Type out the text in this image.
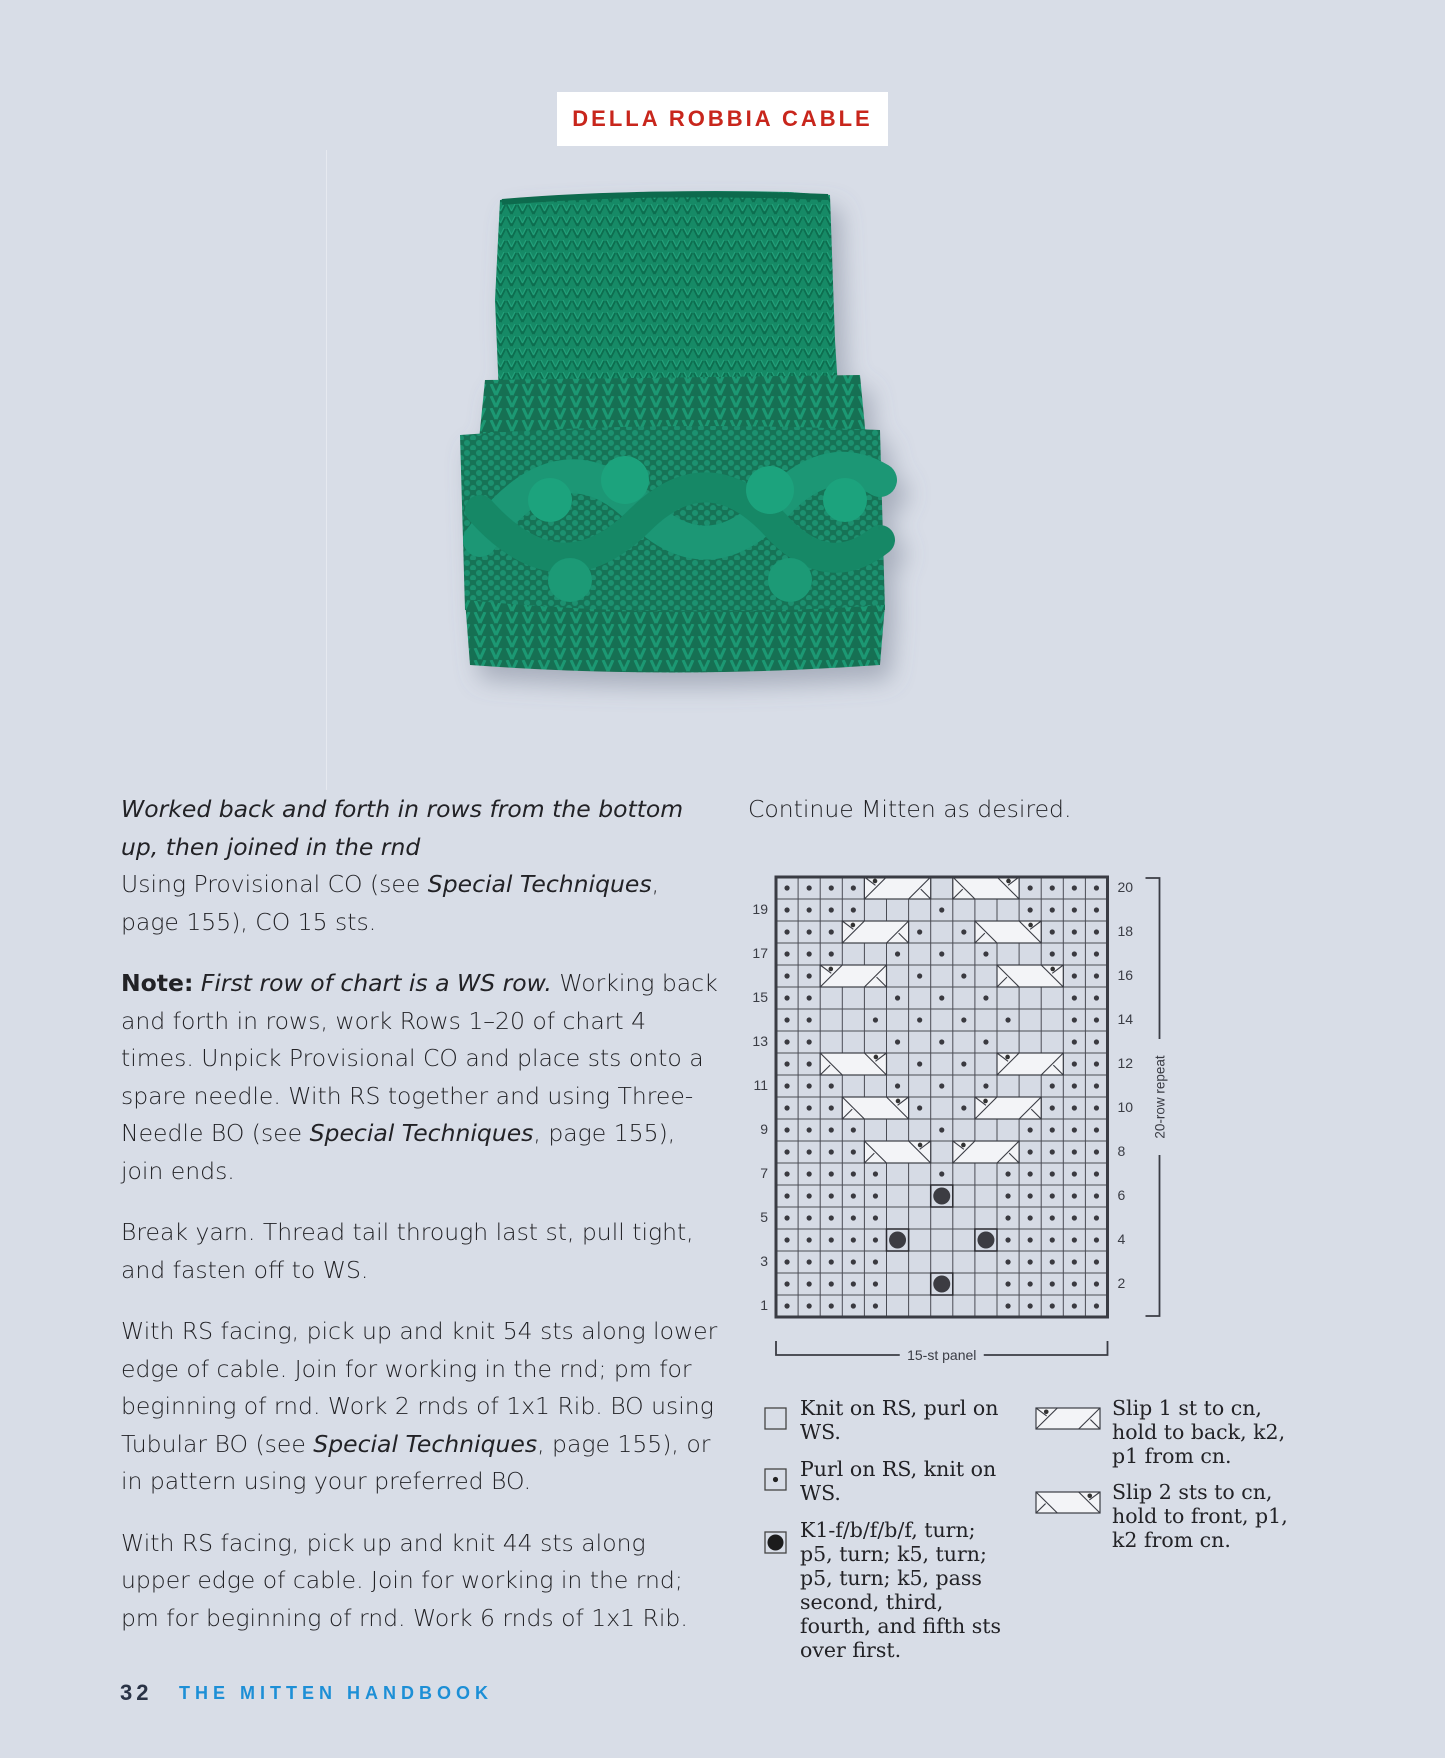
DELLA ROBBIA CABLE

Worked back and forth in rows from the bottom up, then joined in the rnd

Using Provisional CO (see Special Techniques, page 155), CO 15 sts.

Note: First row of chart is a WS row. Working back and forth in rows, work Rows 1–20 of chart 4 times. Unpick Provisional CO and place sts onto a spare needle. With RS together and using Three-Needle BO (see Special Techniques, page 155), join ends.

Break yarn. Thread tail through last st, pull tight, and fasten off to WS.

With RS facing, pick up and knit 54 sts along lower edge of cable. Join for working in the rnd; pm for beginning of rnd. Work 2 rnds of 1x1 Rib. BO using Tubular BO (see Special Techniques, page 155), or in pattern using your preferred BO.

With RS facing, pick up and knit 44 sts along upper edge of cable. Join for working in the rnd; pm for beginning of rnd. Work 6 rnds of 1x1 Rib.

Continue Mitten as desired.
20
18
16
14
12
10
8
6
4
2
19
17
15
13
11
9
7
5
3
1
20-row repeat
15-st panel
Knit on RS, purl on WS.
Purl on RS, knit on WS.
K1-f/b/f/b/f, turn; p5, turn; k5, turn; p5, turn; k5, pass second, third, fourth, and fifth sts over first.
Slip 1 st to cn, hold to back, k2, p1 from cn.
Slip 2 sts to cn, hold to front, p1, k2 from cn.
32 THE MITTEN HANDBOOK
